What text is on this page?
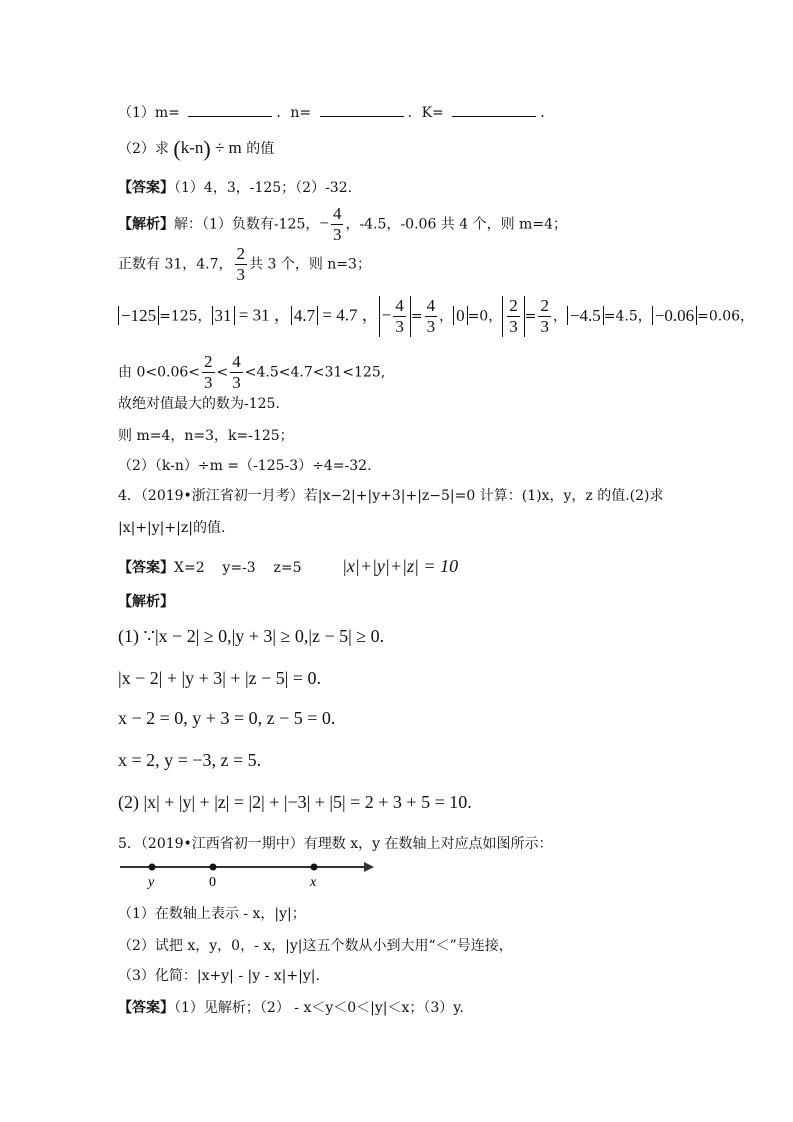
（1）m=	．n=	．K=	．
（2）求 (k-n) ÷ m 的值
【答案】（1）4，3，-125；（2）-32.
【解析】解：（1）负数有-125，− $\frac{4}{3}$ ，-4.5，-0.06 共 4 个，则 m=4；
正数有 31，4.7， $\frac{2}{3}$ 共 3 个，则 n=3；
−125 =125， 31 = 31 ， 4.7 = 4.7 ， − $\frac{4}{3} = \frac{4}{3}$ ， 0 =0， $\frac{2}{3} = \frac{2}{3}$ ， −4.5 =4.5， −0.06 =0.06，
由 $0<0.06< \frac{2}{3} < \frac{4}{3} <4.5<4.7<31<125$,
故绝对值最大的数为-125.
则 m=4，n=3，k=-125；
（2）（k-n）÷m =（-125-3）÷4=-32.
4．（2019•浙江省初一月考）若|x−2|+|y+3|+|z−5|=0 计算：(1)x，y，z 的值.(2)求
|x|+|y|+|z|的值.
【答案】X=2    y=-3    z=5 |x|+|y|+|z| = 10
【解析】
(1) ∵|x − 2| ≥ 0,|y + 3| ≥ 0,|z − 5| ≥ 0.
|x − 2| + |y + 3| + |z − 5| = 0.
x − 2 = 0, y + 3 = 0, z − 5 = 0.
x = 2, y = −3, z = 5.
(2) |x| + |y| + |z| = |2| + |−3| + |5| = 2 + 3 + 5 = 10.
5．（2019•江西省初一期中）有理数 x，y 在数轴上对应点如图所示：
y	0	x
（1）在数轴上表示 - x，|y|；
（2）试把 x，y，0，- x，|y|这五个数从小到大用“＜”号连接，
（3）化简：|x+y| - |y - x|+|y|.
【答案】（1）见解析；（2） - x＜y＜0＜|y|＜x；（3）y.
